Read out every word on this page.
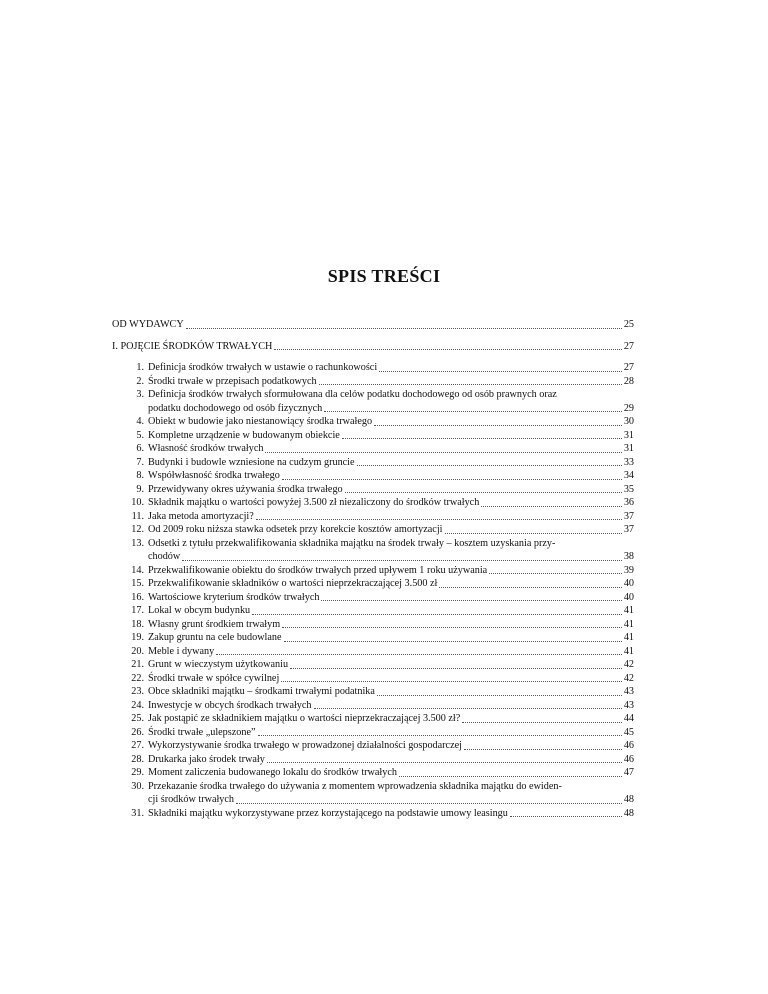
SPIS TREŚCI
OD WYDAWCY	25
I. POJĘCIE ŚRODKÓW TRWAŁYCH	27
1. Definicja środków trwałych w ustawie o rachunkowości	27
2. Środki trwałe w przepisach podatkowych	28
3. Definicja środków trwałych sformułowana dla celów podatku dochodowego od osób prawnych oraz
podatku dochodowego od osób fizycznych	29
4. Obiekt w budowie jako niestanowiący środka trwałego	30
5. Kompletne urządzenie w budowanym obiekcie	31
6. Własność środków trwałych	31
7. Budynki i budowle wzniesione na cudzym gruncie	33
8. Współwłasność środka trwałego	34
9. Przewidywany okres używania środka trwałego	35
10. Składnik majątku o wartości powyżej 3.500 zł niezaliczony do środków trwałych	36
11. Jaka metoda amortyzacji?	37
12. Od 2009 roku niższa stawka odsetek przy korekcie kosztów amortyzacji	37
13. Odsetki z tytułu przekwalifikowania składnika majątku na środek trwały – kosztem uzyskania przy-
chodów	38
14. Przekwalifikowanie obiektu do środków trwałych przed upływem 1 roku używania	39
15. Przekwalifikowanie składników o wartości nieprzekraczającej 3.500 zł	40
16. Wartościowe kryterium środków trwałych	40
17. Lokal w obcym budynku	41
18. Własny grunt środkiem trwałym	41
19. Zakup gruntu na cele budowlane	41
20. Meble i dywany	41
21. Grunt w wieczystym użytkowaniu	42
22. Środki trwałe w spółce cywilnej	42
23. Obce składniki majątku – środkami trwałymi podatnika	43
24. Inwestycje w obcych środkach trwałych	43
25. Jak postąpić ze składnikiem majątku o wartości nieprzekraczającej 3.500 zł?	44
26. Środki trwałe „ulepszone”	45
27. Wykorzystywanie środka trwałego w prowadzonej działalności gospodarczej	46
28. Drukarka jako środek trwały	46
29. Moment zaliczenia budowanego lokalu do środków trwałych	47
30. Przekazanie środka trwałego do używania z momentem wprowadzenia składnika majątku do ewiden-
cji środków trwałych	48
31. Składniki majątku wykorzystywane przez korzystającego na podstawie umowy leasingu	48
